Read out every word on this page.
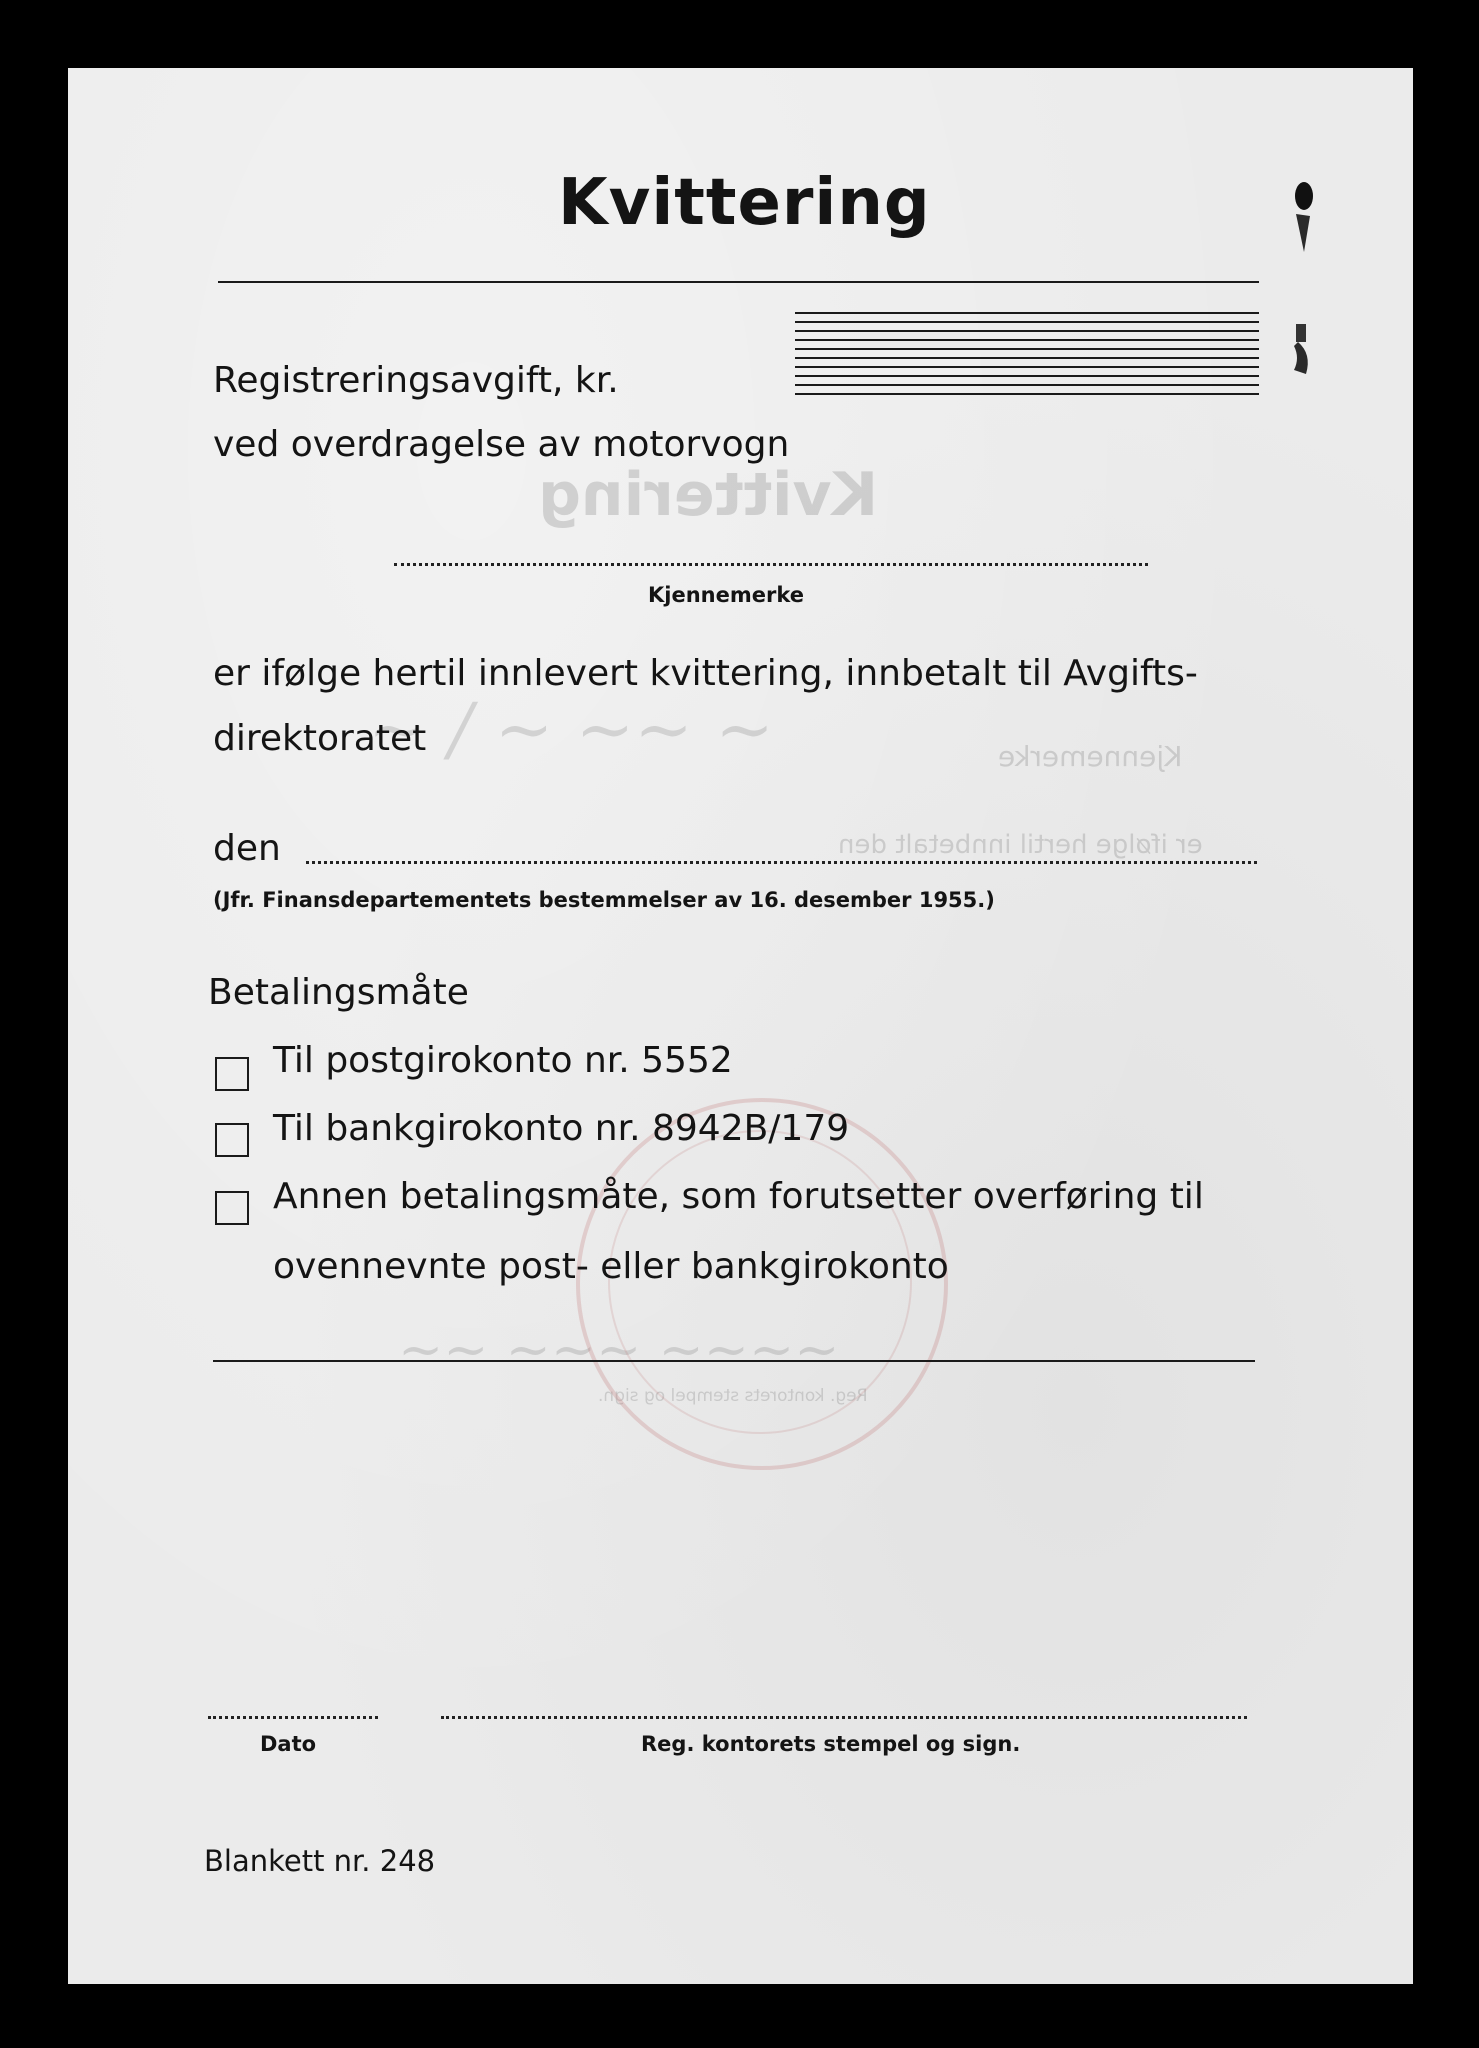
Kvittering
Kjennemerke
er ifølge hertil innbetalt den
Reg. kontorets stempel og sign.
~ / ~ ~~ ~
~~ ~~~ ~~~~
Kvittering
Registreringsavgift, kr.
ved overdragelse av motorvogn
Kjennemerke
er ifølge hertil innlevert kvittering, innbetalt til Avgifts-
direktoratet
den
(Jfr. Finansdepartementets bestemmelser av 16. desember 1955.)
Betalingsmåte
Til postgirokonto nr. 5552
Til bankgirokonto nr. 8942B/179
Annen betalingsmåte, som forutsetter overføring til
ovennevnte post- eller bankgirokonto
Dato	Reg. kontorets stempel og sign.
Blankett nr. 248
